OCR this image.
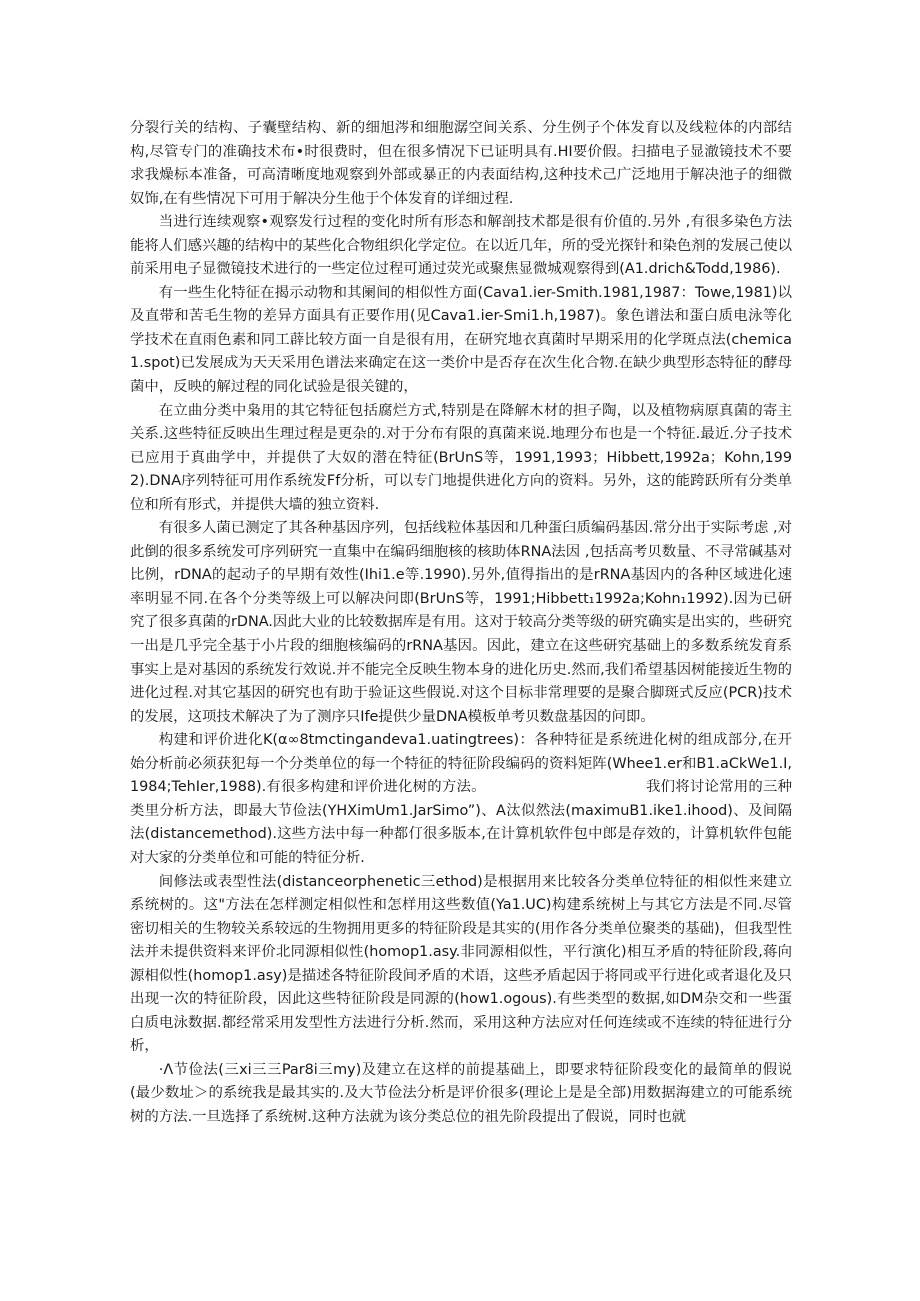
分裂行关的结构、子囊壁结构、新的细旭涔和细胞潺空间关系、分生例子个体发育以及线粒体的内部结构,尽管专门的准确技术布•时很费时，但在很多情况下已证明具有.HI要价假。扫描电子显澈镜技术不要求我燥标本准备，可高清晰度地观察到外部或暴正的内表面结构,这种技术己广泛地用于解决池子的细微奴饰,在有些情况下可用于解决分生他于个体发育的详细过程.

当进行连续观察•观察发行过程的变化时所有形态和解剖技术都是很有价值的.另外 ,有很多染色方法能将人们感兴趣的结构中的某些化合物组织化学定位。在以近几年，所的受光探针和染色剂的发展己使以前采用电子显微镜技术进行的一些定位过程可通过荧光或聚焦显微城观察得到(A1.drich&Todd,1986).

有一些生化特征在揭示动物和其阑间的相似性方面(Cava1.ier-Smith.1981,1987：Towe,1981)以及直带和苦毛生物的差异方面具有正要作用(见Cava1.ier-Smi1.h,1987)。象色谱法和蛋白质电泳等化学技术在直雨色素和同工薜比较方面一自是很有用，在研究地衣真菌时早期采用的化学斑点法(chemica1.spot)已发展成为天天采用色谱法来确定在这一类价中是否存在次生化合物.在缺少典型形态特征的酵母菌中，反映的解过程的同化试验是很关键的，

在立曲分类中枭用的其它特征包括腐烂方式,特别是在降解木材的担子陶，以及植物病原真菌的寄主关系.这些特征反映出生理过程是更杂的.对于分布有限的真菌来说.地理分布也是一个特征.最近.分子技术已应用于真曲学中，并提供了大奴的潜在特征(BrUnS等，1991,1993；Hibbett,1992a；Kohn,1992).DNA序列特征可用作系统发Ff分析，可以专门地提供进化方向的资料。另外，这的能跨跃所有分类单位和所有形式，并提供大墙的独立资料.

有很多人菌已测定了其各种基因序列，包括线粒体基因和几种蛋臼质编码基因.常分出于实际考虑 ,对此倒的很多系统发可序列研究一直集中在编码细胞核的核助体RNA法因 ,包括高考贝数量、不寻常碱基对比例，rDNA的起动子的早期有效性(Ihi1.e等.1990).另外,值得指出的是rRNA基因内的各种区域进化速率明显不同.在各个分类等级上可以解决问即(BrUnS等，1991;Hibbett₁1992a;Kohn₁1992).因为已研究了很多真菌的rDNA.因此大业的比较数据库是有用。这对于较高分类等级的研究确实是出实的，些研究一出是几乎完全基于小片段的细胞核编码的rRNA基因。因此，建立在这些研究基础上的多数系统发育系事实上是对基因的系统发行效说.并不能完全反映生物本身的进化历史.然而,我们希望基因树能接近生物的进化过程.对其它基因的研究也有助于验证这些假说.对这个目标非常理要的是聚合脚斑式反应(PCR)技术的发展，这项技术解决了为了测序只Ife提供少量DNA模板单考贝数盘基因的问即。

构建和评价进化K(α∞8tmctingandeva1.uatingtrees)：各种特征是系统进化树的组成部分,在开始分析前必须获犯每一个分类单位的每一个特征的特征阶段编码的资料矩阵(Whee1.er和B1.aCkWe1.I,1984;TehIer,1988).有很多构建和评价进化树的方法。	我们将讨论常用的三种类里分析方法，即最大节俭法(YHXimUm1.JarSimo”)、A汰似然法(maximuB1.ike1.ihood)、及间隔法(distancemethod).这些方法中每一种都仃很多版本,在计算机软件包中郎是存效的，计算机软件包能对大家的分类单位和可能的特征分析.

间修法或表型性法(distanceorphenetic三ethod)是根据用来比较各分类单位特征的相似性来建立系统树的。这"方法在怎样测定相似性和怎样用这些数值(Ya1.UC)构建系统树上与其它方法是不同.尽管密切相关的生物较关系较远的生物拥用更多的特征阶段是其实的(用作各分类单位聚类的基础)，但我型性法并未提供资料来评价北同源相似性(homop1.asy.非同源相似性，平行演化)相互矛盾的特征阶段,蒋向源相似性(homop1.asy)是描述各特征阶段间矛盾的术语，这些矛盾起因于将同或平行进化或者退化及只出现一次的特征阶段，因此这些特征阶段是同源的(how1.ogous).有些类型的数据,如DM杂交和一些蛋白质电泳数据.都经常采用发型性方法进行分析.然而，采用这种方法应对任何连续或不连续的特征进行分析，

·Λ节俭法(三xi三三Par8i三my)及建立在这样的前提基础上，即要求特征阶段变化的最简单的假说(最少数址＞的系统我是最其实的.及大节俭法分析是评价很多(理论上是是全部)用数据海建立的可能系统树的方法.一旦选择了系统树.这种方法就为该分类总位的祖先阶段提出了假说，同时也就
